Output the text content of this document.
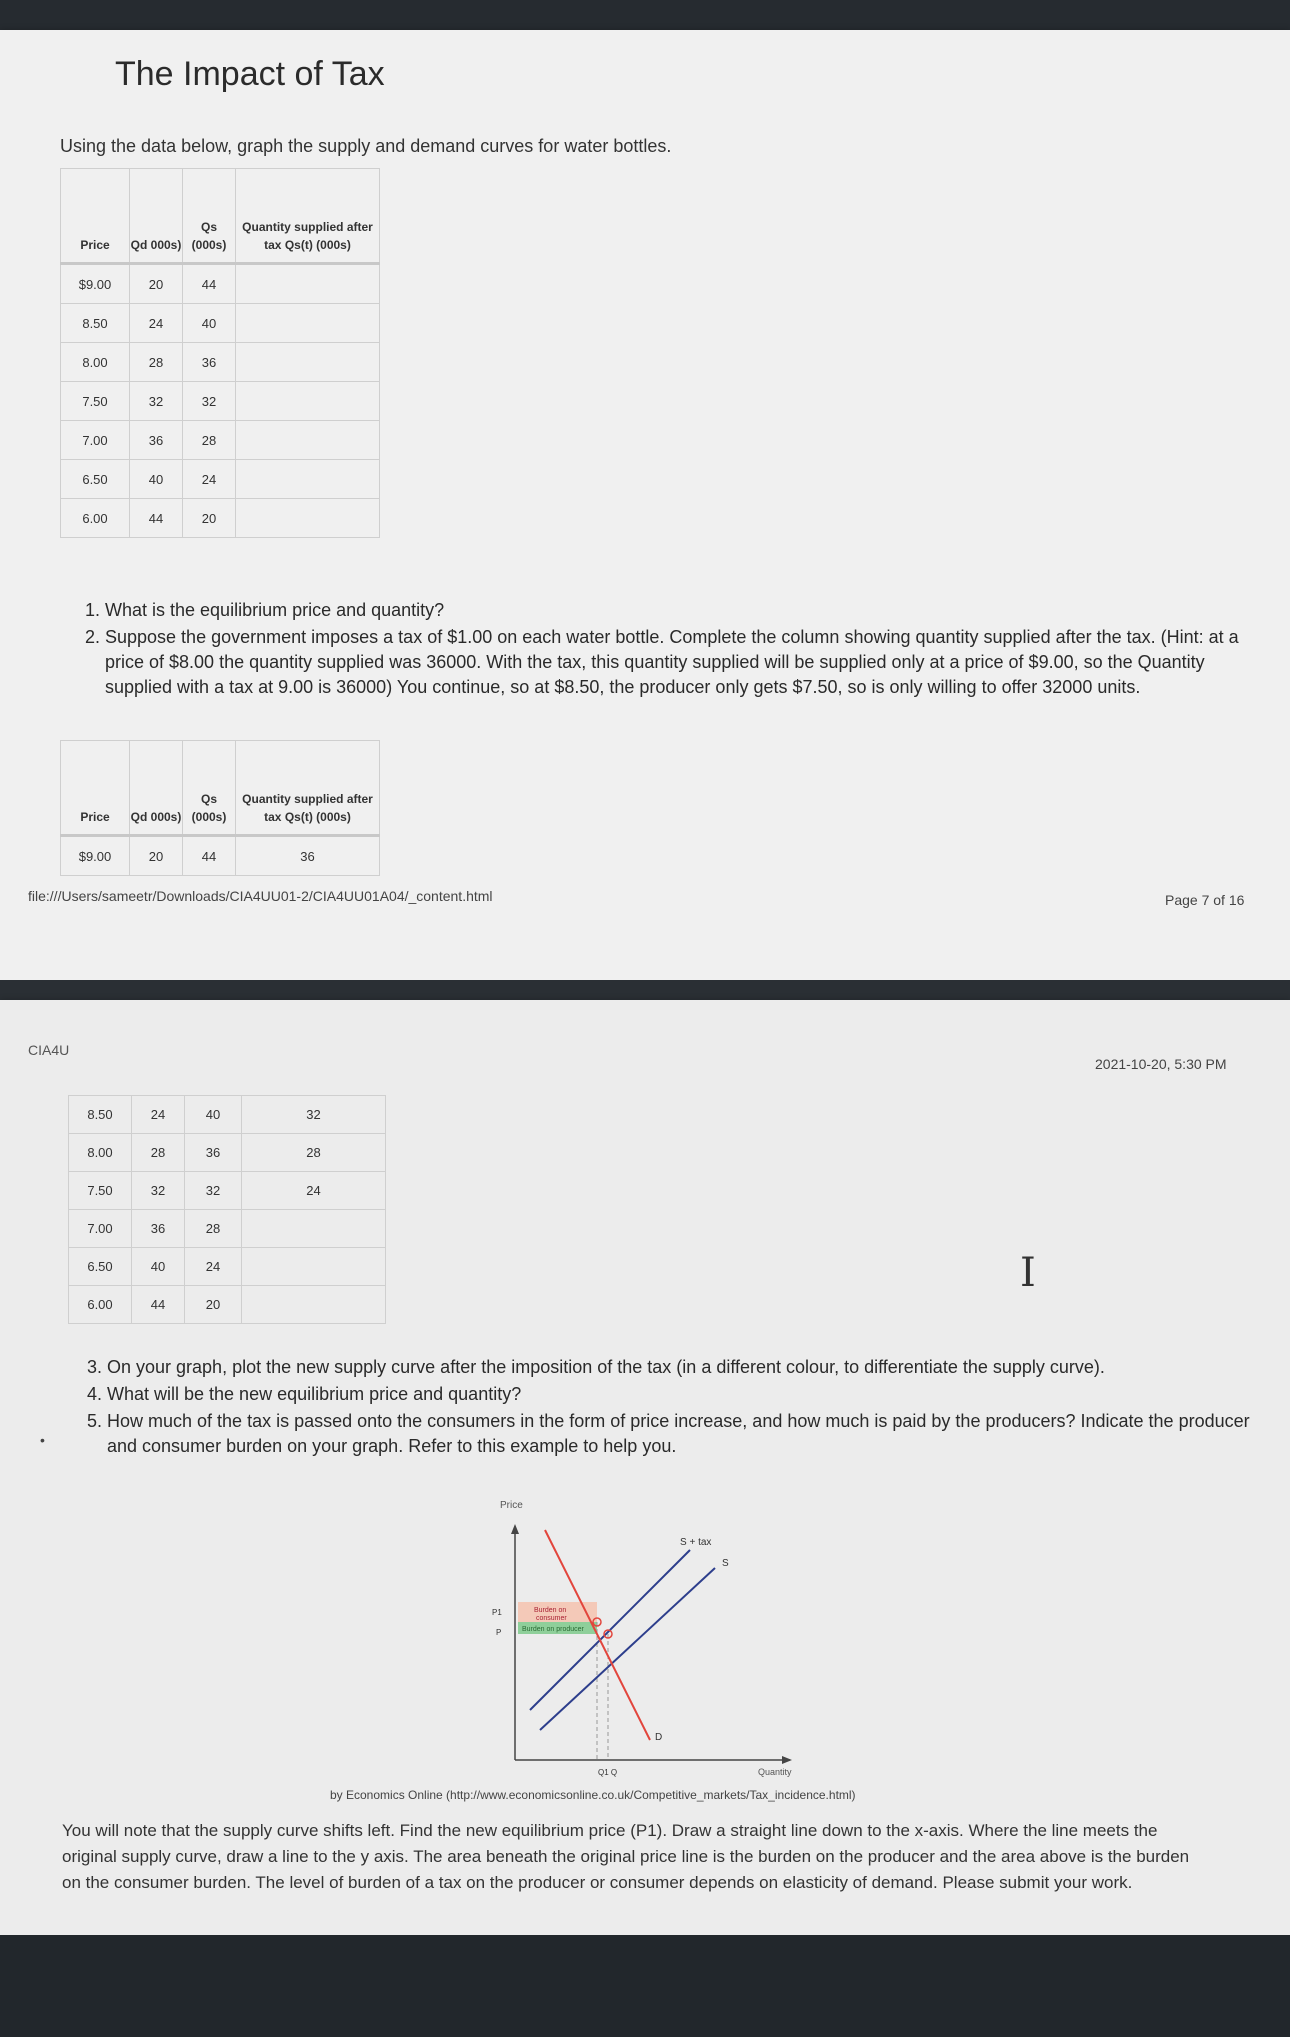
The Impact of Tax
Using the data below, graph the supply and demand curves for water bottles.
Price	Qd 000s)	Qs (000s)	Quantity supplied after tax Qs(t) (000s)
$9.00	20	44	
8.50	24	40	
8.00	28	36	
7.50	32	32	
7.00	36	28	
6.50	40	24	
6.00	44	20	
1. What is the equilibrium price and quantity?
2. Suppose the government imposes a tax of $1.00 on each water bottle. Complete the column showing quantity supplied after the tax. (Hint: at a price of $8.00 the quantity supplied was 36000. With the tax, this quantity supplied will be supplied only at a price of $9.00, so the Quantity supplied with a tax at 9.00 is 36000) You continue, so at $8.50, the producer only gets $7.50, so is only willing to offer 32000 units.
Price	Qd 000s)	Qs (000s)	Quantity supplied after tax Qs(t) (000s)
$9.00	20	44	36
file:///Users/sameetr/Downloads/CIA4UU01-2/CIA4UU01A04/_content.html	Page 7 of 16
CIA4U
2021-10-20, 5:30 PM
8.50	24	40	32
8.00	28	36	28
7.50	32	32	24
7.00	36	28	
6.50	40	24	
6.00	44	20	
I
•
3. On your graph, plot the new supply curve after the imposition of the tax (in a different colour, to differentiate the supply curve).
4. What will be the new equilibrium price and quantity?
5. How much of the tax is passed onto the consumers in the form of price increase, and how much is paid by the producers? Indicate the producer and consumer burden on your graph. Refer to this example to help you.
Price
Burden on
consumer
Burden on producer
S + tax
S
D
P1
P
Q1 Q	Quantity
by Economics Online (http://www.economicsonline.co.uk/Competitive_markets/Tax_incidence.html)
You will note that the supply curve shifts left. Find the new equilibrium price (P1). Draw a straight line down to the x-axis. Where the line meets the original supply curve, draw a line to the y axis. The area beneath the original price line is the burden on the producer and the area above is the burden on the consumer burden. The level of burden of a tax on the producer or consumer depends on elasticity of demand. Please submit your work.
